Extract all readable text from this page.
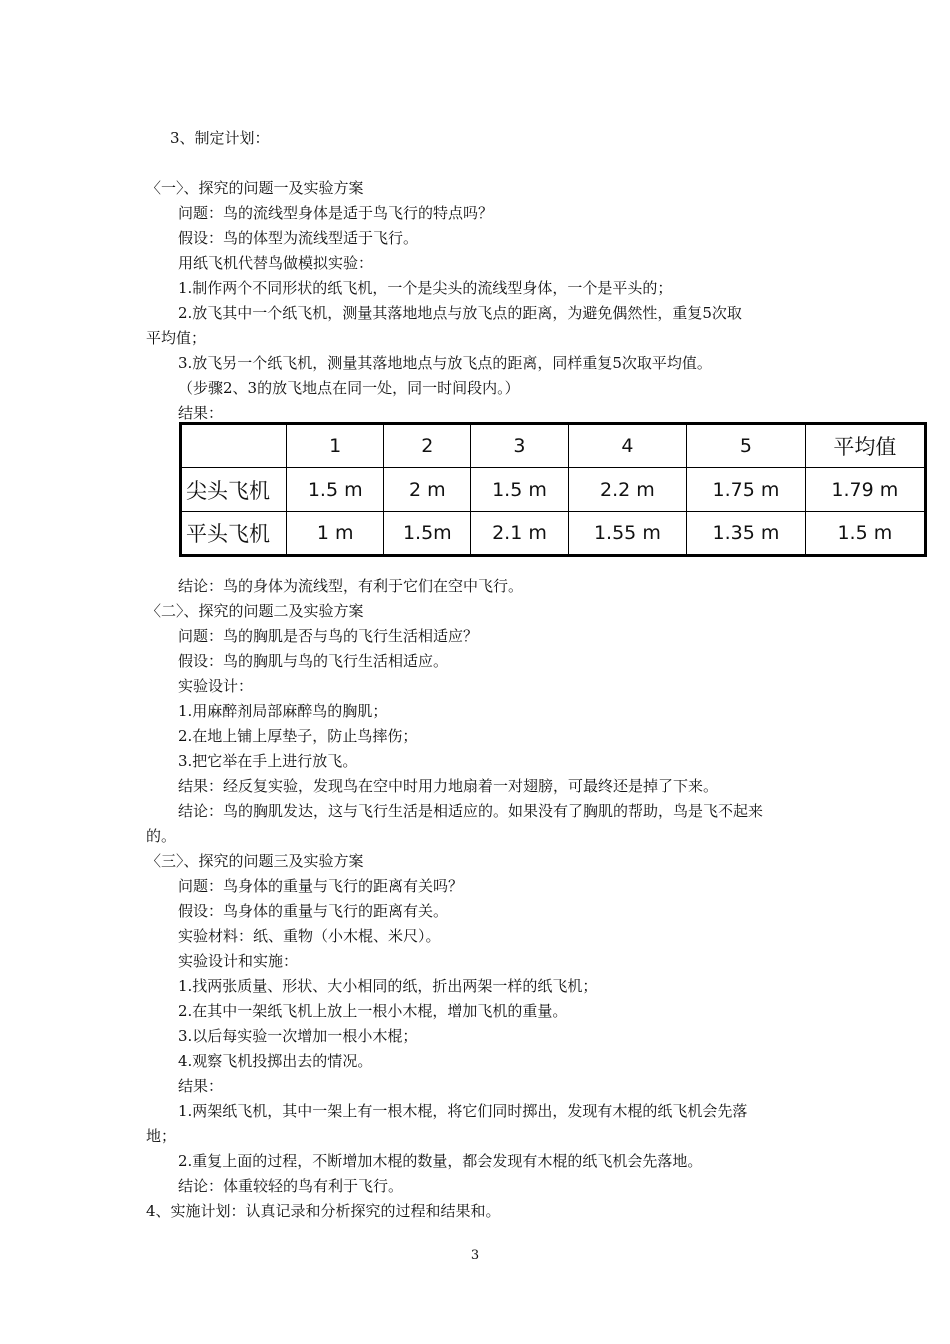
3、制定计划：
〈一〉、探究的问题一及实验方案
问题：鸟的流线型身体是适于鸟飞行的特点吗？
假设：鸟的体型为流线型适于飞行。
用纸飞机代替鸟做模拟实验：
1.制作两个不同形状的纸飞机，一个是尖头的流线型身体，一个是平头的；
2.放飞其中一个纸飞机，测量其落地地点与放飞点的距离，为避免偶然性，重复5次取
平均值；
3.放飞另一个纸飞机，测量其落地地点与放飞点的距离，同样重复5次取平均值。
（步骤2、3的放飞地点在同一处，同一时间段内。）
结果：
	1	2	3	4	5	平均值
尖头飞机	1.5 m	2 m	1.5 m	2.2 m	1.75 m	1.79 m
平头飞机	1 m	1.5m	2.1 m	1.55 m	1.35 m	1.5 m
结论：鸟的身体为流线型，有利于它们在空中飞行。
〈二〉、探究的问题二及实验方案
问题：鸟的胸肌是否与鸟的飞行生活相适应？
假设：鸟的胸肌与鸟的飞行生活相适应。
实验设计：
1.用麻醉剂局部麻醉鸟的胸肌；
2.在地上铺上厚垫子，防止鸟摔伤；
3.把它举在手上进行放飞。
结果：经反复实验，发现鸟在空中时用力地扇着一对翅膀，可最终还是掉了下来。
结论：鸟的胸肌发达，这与飞行生活是相适应的。如果没有了胸肌的帮助，鸟是飞不起来
的。
〈三〉、探究的问题三及实验方案
问题：鸟身体的重量与飞行的距离有关吗？
假设：鸟身体的重量与飞行的距离有关。
实验材料：纸、重物（小木棍、米尺）。
实验设计和实施：
1.找两张质量、形状、大小相同的纸，折出两架一样的纸飞机；
2.在其中一架纸飞机上放上一根小木棍，增加飞机的重量。
3.以后每实验一次增加一根小木棍；
4.观察飞机投掷出去的情况。
结果：
1.两架纸飞机，其中一架上有一根木棍，将它们同时掷出，发现有木棍的纸飞机会先落
地；
2.重复上面的过程，不断增加木棍的数量，都会发现有木棍的纸飞机会先落地。
结论：体重较轻的鸟有利于飞行。
4、实施计划：认真记录和分析探究的过程和结果和。
3
